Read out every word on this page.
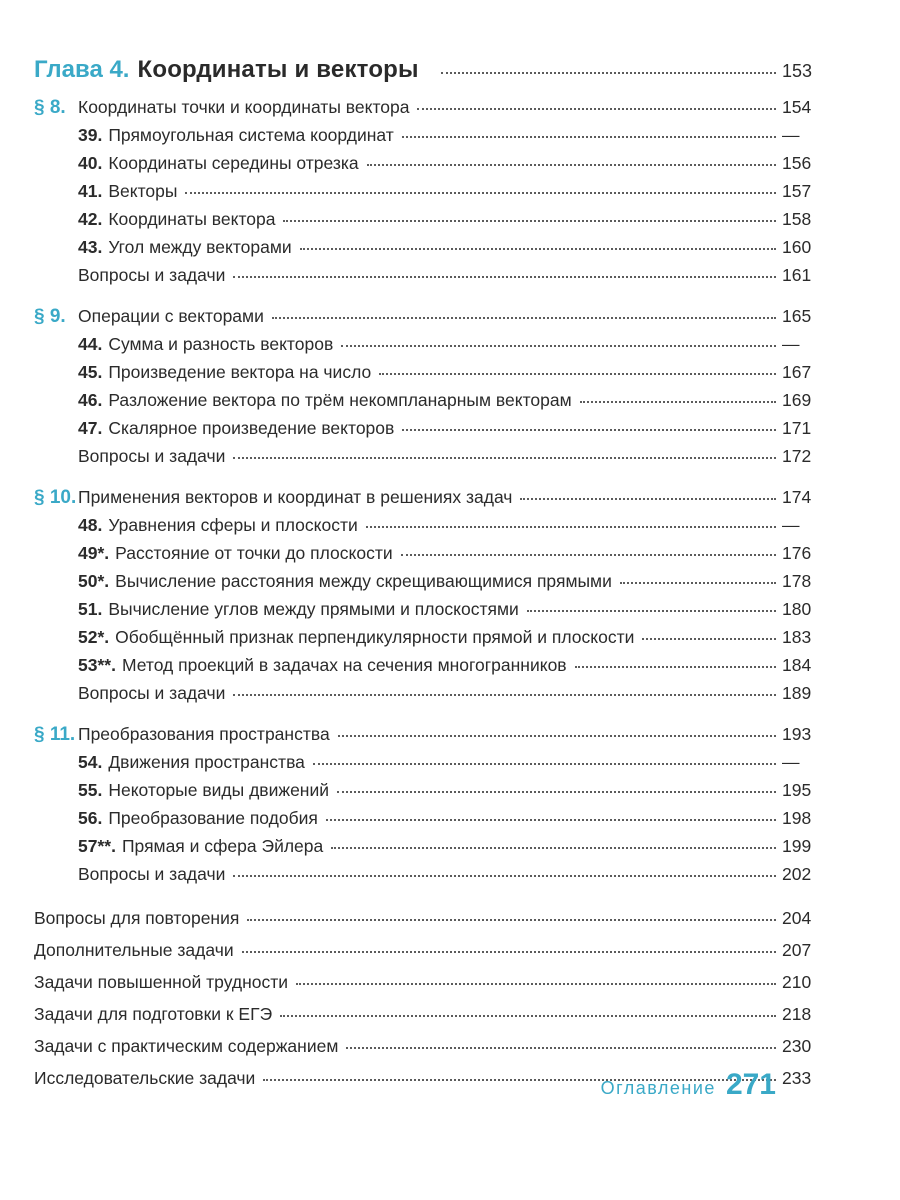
Глава 4. Координаты и векторы	153
§ 8. Координаты точки и координаты вектора	154
39. Прямоугольная система координат	—
40. Координаты середины отрезка	156
41. Векторы	157
42. Координаты вектора	158
43. Угол между векторами	160
Вопросы и задачи	161
§ 9. Операции с векторами	165
44. Сумма и разность векторов	—
45. Произведение вектора на число	167
46. Разложение вектора по трём некомпланарным векторам	169
47. Скалярное произведение векторов	171
Вопросы и задачи	172
§ 10. Применения векторов и координат в решениях задач	174
48. Уравнения сферы и плоскости	—
49*. Расстояние от точки до плоскости	176
50*. Вычисление расстояния между скрещивающимися прямыми	178
51. Вычисление углов между прямыми и плоскостями	180
52*. Обобщённый признак перпендикулярности прямой и плоскости	183
53**. Метод проекций в задачах на сечения многогранников	184
Вопросы и задачи	189
§ 11. Преобразования пространства	193
54. Движения пространства	—
55. Некоторые виды движений	195
56. Преобразование подобия	198
57**. Прямая и сфера Эйлера	199
Вопросы и задачи	202
Вопросы для повторения	204
Дополнительные задачи	207
Задачи повышенной трудности	210
Задачи для подготовки к ЕГЭ	218
Задачи с практическим содержанием	230
Исследовательские задачи	233
Оглавление 271
